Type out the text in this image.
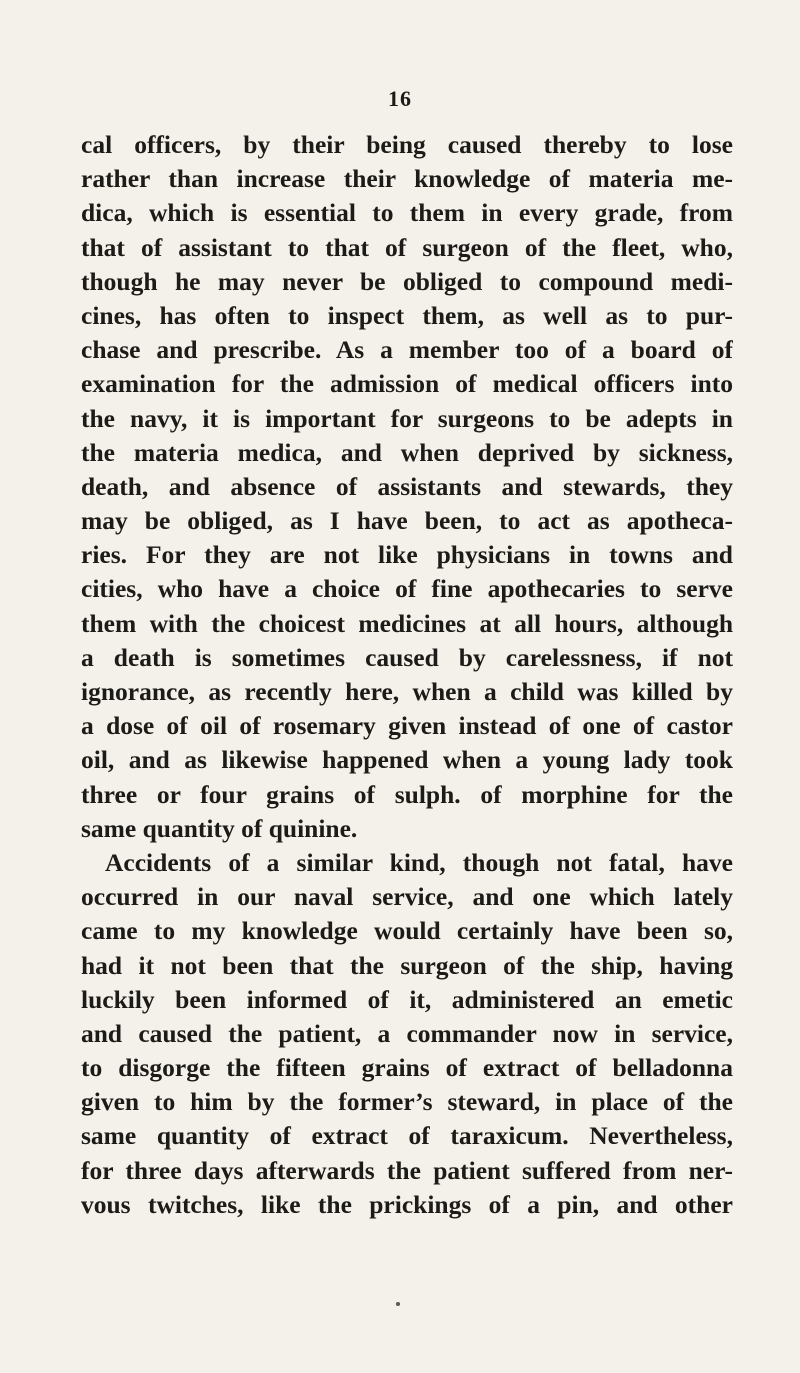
16
cal officers, by their being caused thereby to lose
rather than increase their knowledge of materia me-
dica, which is essential to them in every grade, from
that of assistant to that of surgeon of the fleet, who,
though he may never be obliged to compound medi-
cines, has often to inspect them, as well as to pur-
chase and prescribe. As a member too of a board of
examination for the admission of medical officers into
the navy, it is important for surgeons to be adepts in
the materia medica, and when deprived by sickness,
death, and absence of assistants and stewards, they
may be obliged, as I have been, to act as apotheca-
ries. For they are not like physicians in towns and
cities, who have a choice of fine apothecaries to serve
them with the choicest medicines at all hours, although
a death is sometimes caused by carelessness, if not
ignorance, as recently here, when a child was killed by
a dose of oil of rosemary given instead of one of castor
oil, and as likewise happened when a young lady took
three or four grains of sulph. of morphine for the
same quantity of quinine.
Accidents of a similar kind, though not fatal, have
occurred in our naval service, and one which lately
came to my knowledge would certainly have been so,
had it not been that the surgeon of the ship, having
luckily been informed of it, administered an emetic
and caused the patient, a commander now in service,
to disgorge the fifteen grains of extract of belladonna
given to him by the former’s steward, in place of the
same quantity of extract of taraxicum. Nevertheless,
for three days afterwards the patient suffered from ner-
vous twitches, like the prickings of a pin, and other
